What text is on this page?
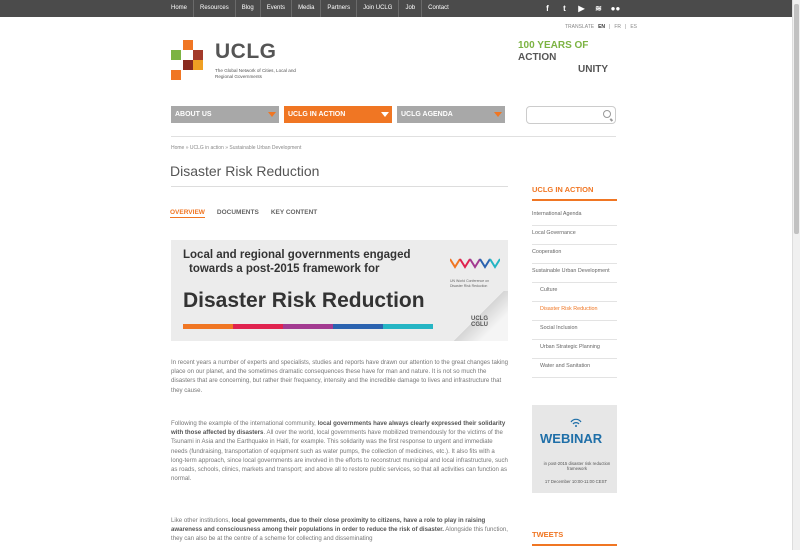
Home	Resources	Blog	Events	Media	Partners	Join UCLG	Job	Contact	f	t	▶	≋ ●●
TRANSLATE EN | FR | ES
UCLG
The Global Network of Cities, Local and Regional Governments
100 YEARS OF ACTION
UNITY
ABOUT US	UCLG IN ACTION	UCLG AGENDA
Home » UCLG in action » Sustainable Urban Development
Disaster Risk Reduction
OVERVIEW DOCUMENTS KEY CONTENT
Local and regional governments engaged
towards a post-2015 framework for
Disaster Risk Reduction
UN World Conference on Disaster Risk Reduction
UCLG
CGLU

In recent years a number of experts and specialists, studies and reports have drawn our attention to the great changes taking place on our planet, and the sometimes dramatic consequences these have for man and nature. It is not so much the disasters that are concerning, but rather their frequency, intensity and the incredible damage to lives and infrastructure that they cause.

Following the example of the international community, local governments have always clearly expressed their solidarity with those affected by disasters. All over the world, local governments have mobilized tremendously for the victims of the Tsunami in Asia and the Earthquake in Haiti, for example. This solidarity was the first response to urgent and immediate needs (fundraising, transportation of equipment such as water pumps, the collection of medicines, etc.). It also fits with a long-term approach, since local governments are involved in the efforts to reconstruct municipal and local infrastructure, such as roads, schools, clinics, markets and transport; and above all to restore public services, so that all activities can function as normal.

Like other institutions, local governments, due to their close proximity to citizens, have a role to play in raising awareness and consciousness among their populations in order to reduce the risk of disaster. Alongside this function, they can also be at the centre of a scheme for collecting and disseminating

UCLG IN ACTION
International Agenda
Local Governance
Cooperation
Sustainable Urban Development
Culture
Disaster Risk Reduction
Social Inclusion
Urban Strategic Planning
Water and Sanitation
WEBINAR
in post-2015 disaster risk reduction framework
17 December 10:00-11:00 CEST
TWEETS
